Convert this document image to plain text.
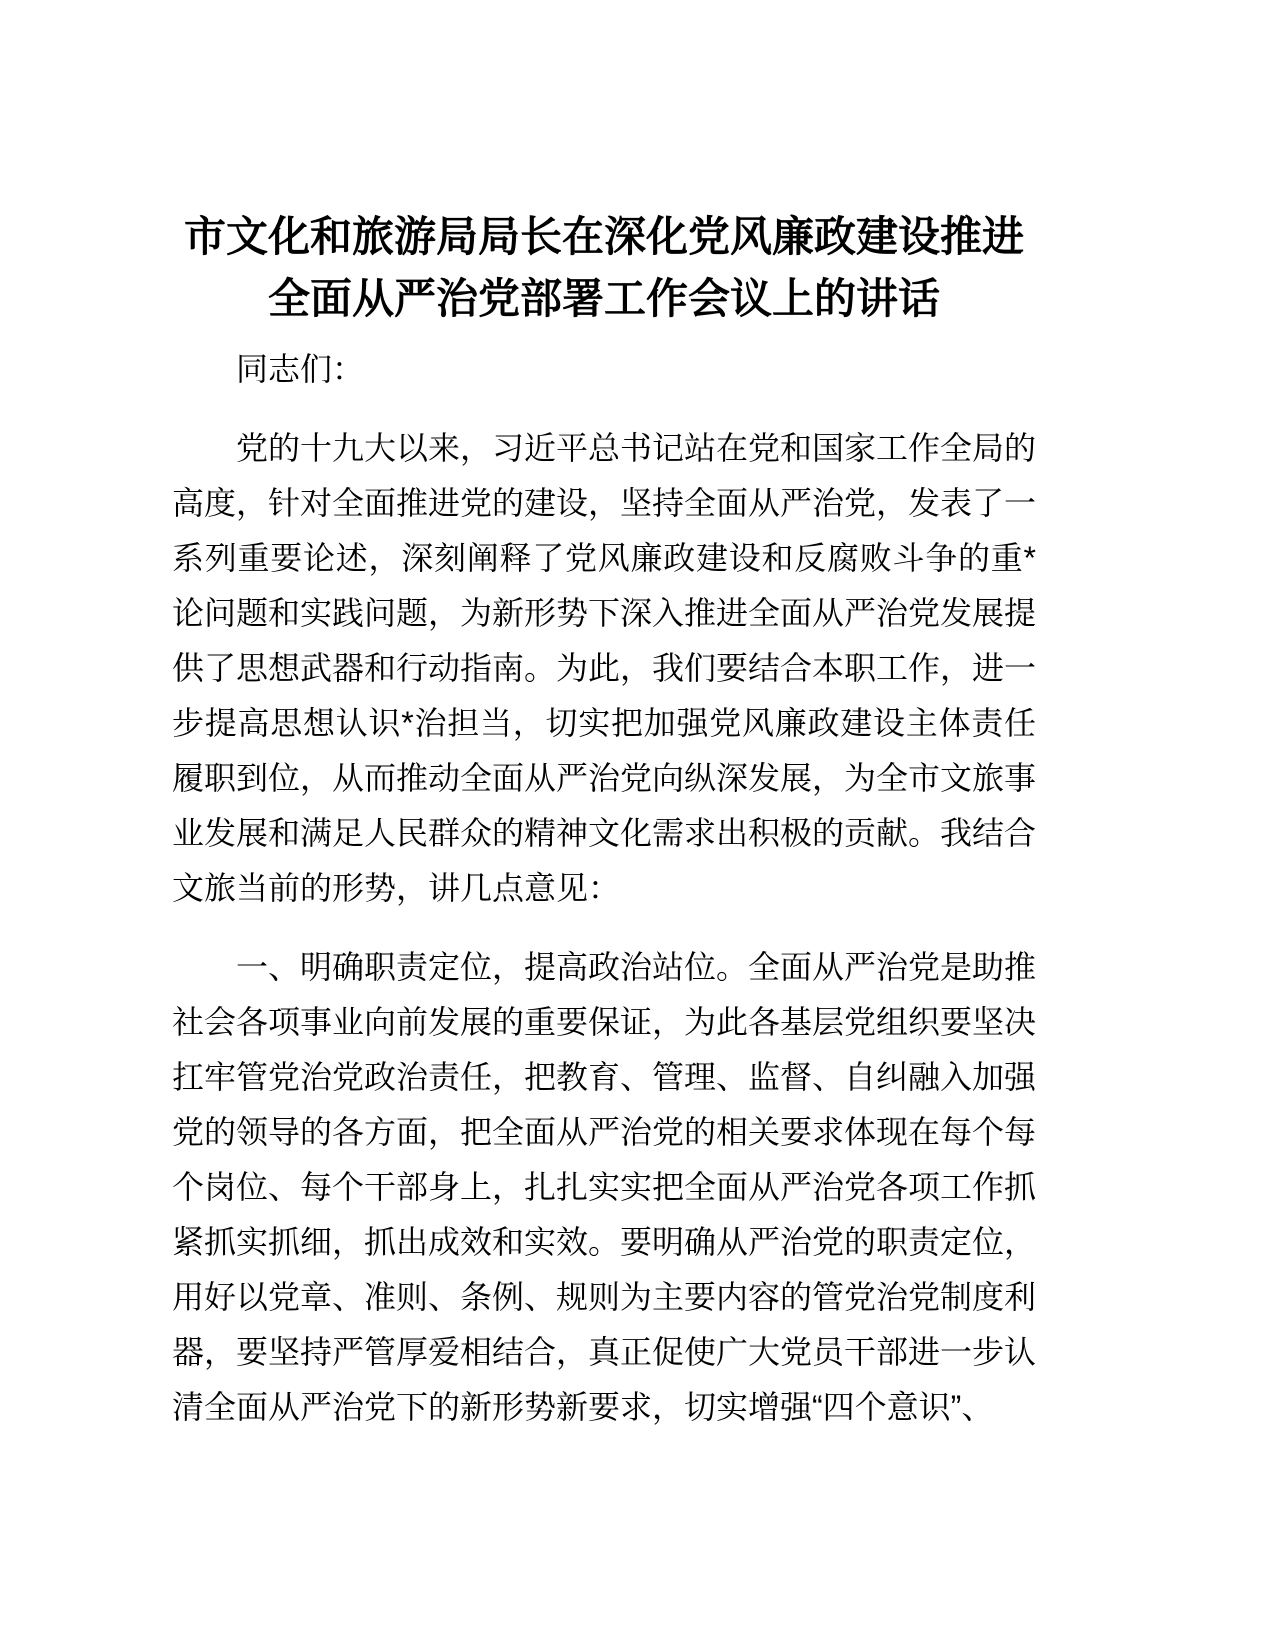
市文化和旅游局局长在深化党风廉政建设推进
全面从严治党部署工作会议上的讲话

同志们：

党的十九大以来，习近平总书记站在党和国家工作全局的高度，针对全面推进党的建设，坚持全面从严治党，发表了一系列重要论述，深刻阐释了党风廉政建设和反腐败斗争的重*论问题和实践问题，为新形势下深入推进全面从严治党发展提供了思想武器和行动指南。为此，我们要结合本职工作，进一步提高思想认识*治担当，切实把加强党风廉政建设主体责任履职到位，从而推动全面从严治党向纵深发展，为全市文旅事业发展和满足人民群众的精神文化需求出积极的贡献。我结合文旅当前的形势，讲几点意见：

一、明确职责定位，提高政治站位。全面从严治党是助推社会各项事业向前发展的重要保证，为此各基层党组织要坚决扛牢管党治党政治责任，把教育、管理、监督、自纠融入加强党的领导的各方面，把全面从严治党的相关要求体现在每个每个岗位、每个干部身上，扎扎实实把全面从严治党各项工作抓紧抓实抓细，抓出成效和实效。要明确从严治党的职责定位，用好以党章、准则、条例、规则为主要内容的管党治党制度利器，要坚持严管厚爱相结合，真正促使广大党员干部进一步认清全面从严治党下的新形势新要求，切实增强“四个意识”、
